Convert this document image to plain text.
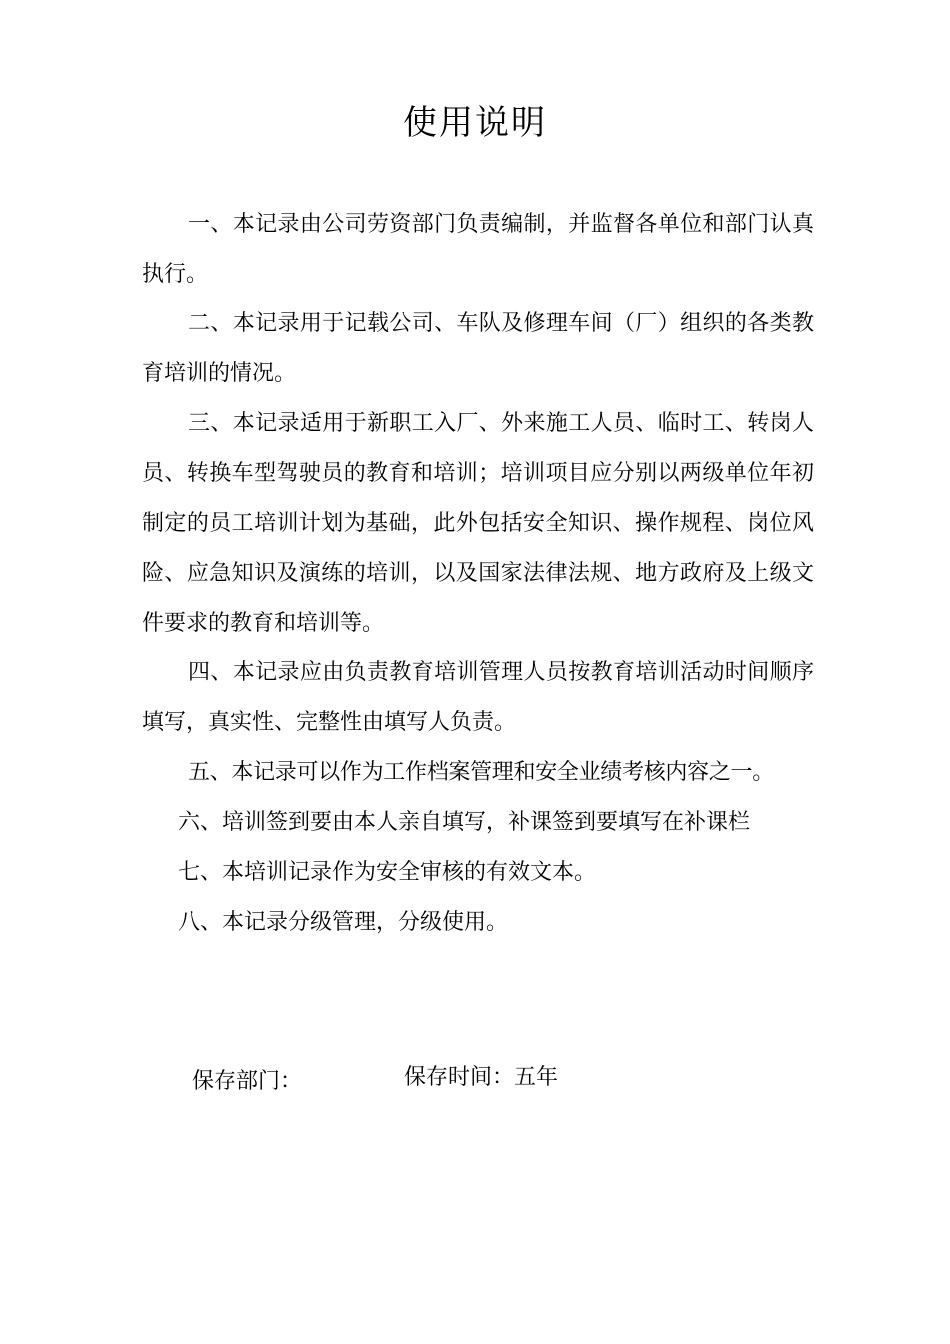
使用说明
一、本记录由公司劳资部门负责编制，并监督各单位和部门认真执行。
二、本记录用于记载公司、车队及修理车间（厂）组织的各类教育培训的情况。
三、本记录适用于新职工入厂、外来施工人员、临时工、转岗人员、转换车型驾驶员的教育和培训；培训项目应分别以两级单位年初制定的员工培训计划为基础，此外包括安全知识、操作规程、岗位风险、应急知识及演练的培训，以及国家法律法规、地方政府及上级文件要求的教育和培训等。
四、本记录应由负责教育培训管理人员按教育培训活动时间顺序填写，真实性、完整性由填写人负责。
五、本记录可以作为工作档案管理和安全业绩考核内容之一。
六、培训签到要由本人亲自填写，补课签到要填写在补课栏
七、本培训记录作为安全审核的有效文本。
八、本记录分级管理，分级使用。
保存部门：	保存时间：五年
